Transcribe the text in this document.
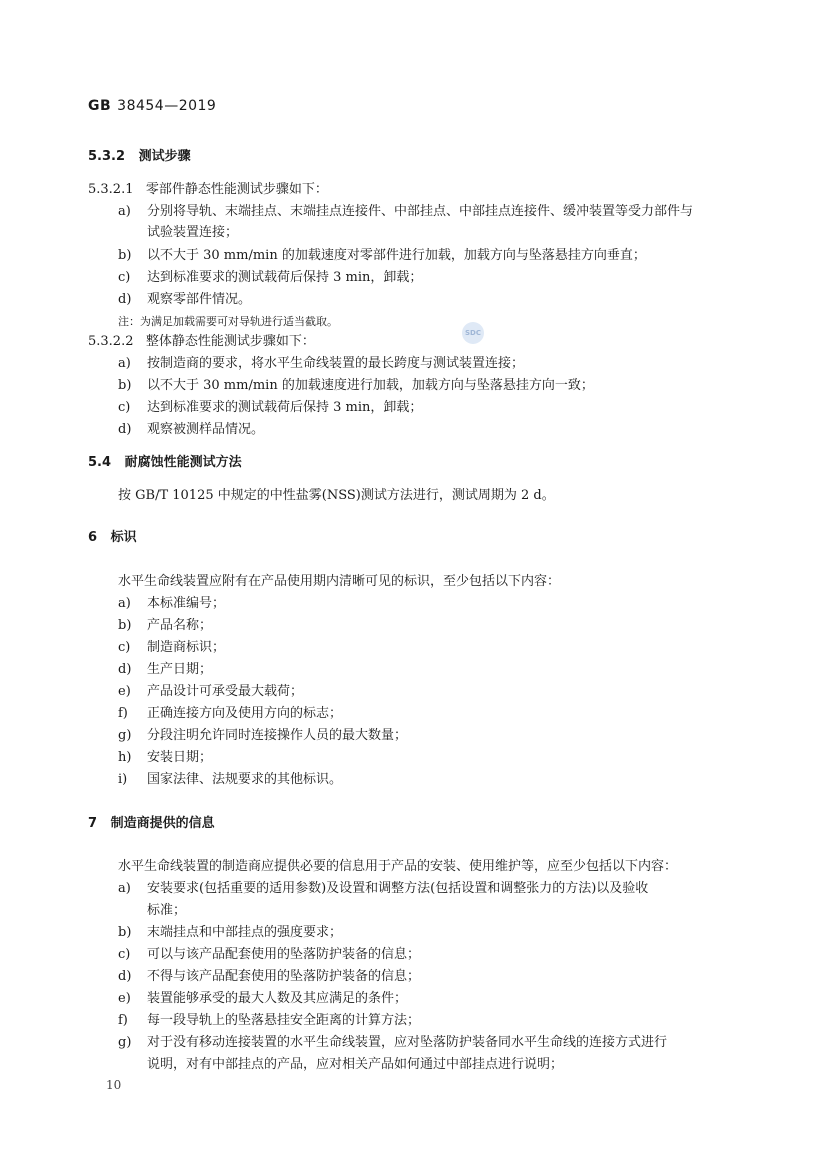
GB 38454—2019
SDC
5.3.2 测试步骤
5.3.2.1 零部件静态性能测试步骤如下：
a) 分别将导轨、末端挂点、末端挂点连接件、中部挂点、中部挂点连接件、缓冲装置等受力部件与
试验装置连接；
b) 以不大于 30 mm/min 的加载速度对零部件进行加载，加载方向与坠落悬挂方向垂直；
c) 达到标准要求的测试载荷后保持 3 min，卸载；
d) 观察零部件情况。
注：为满足加载需要可对导轨进行适当截取。
5.3.2.2 整体静态性能测试步骤如下：
a) 按制造商的要求，将水平生命线装置的最长跨度与测试装置连接；
b) 以不大于 30 mm/min 的加载速度进行加载，加载方向与坠落悬挂方向一致；
c) 达到标准要求的测试载荷后保持 3 min，卸载；
d) 观察被测样品情况。
5.4 耐腐蚀性能测试方法
按 GB/T 10125 中规定的中性盐雾(NSS)测试方法进行，测试周期为 2 d。
6 标识
水平生命线装置应附有在产品使用期内清晰可见的标识，至少包括以下内容：
a) 本标准编号；
b) 产品名称；
c) 制造商标识；
d) 生产日期；
e) 产品设计可承受最大载荷；
f) 正确连接方向及使用方向的标志；
g) 分段注明允许同时连接操作人员的最大数量；
h) 安装日期；
i) 国家法律、法规要求的其他标识。
7 制造商提供的信息
水平生命线装置的制造商应提供必要的信息用于产品的安装、使用维护等，应至少包括以下内容：
a) 安装要求(包括重要的适用参数)及设置和调整方法(包括设置和调整张力的方法)以及验收
标准；
b) 末端挂点和中部挂点的强度要求；
c) 可以与该产品配套使用的坠落防护装备的信息；
d) 不得与该产品配套使用的坠落防护装备的信息；
e) 装置能够承受的最大人数及其应满足的条件；
f) 每一段导轨上的坠落悬挂安全距离的计算方法；
g) 对于没有移动连接装置的水平生命线装置，应对坠落防护装备同水平生命线的连接方式进行
说明，对有中部挂点的产品，应对相关产品如何通过中部挂点进行说明；
10
